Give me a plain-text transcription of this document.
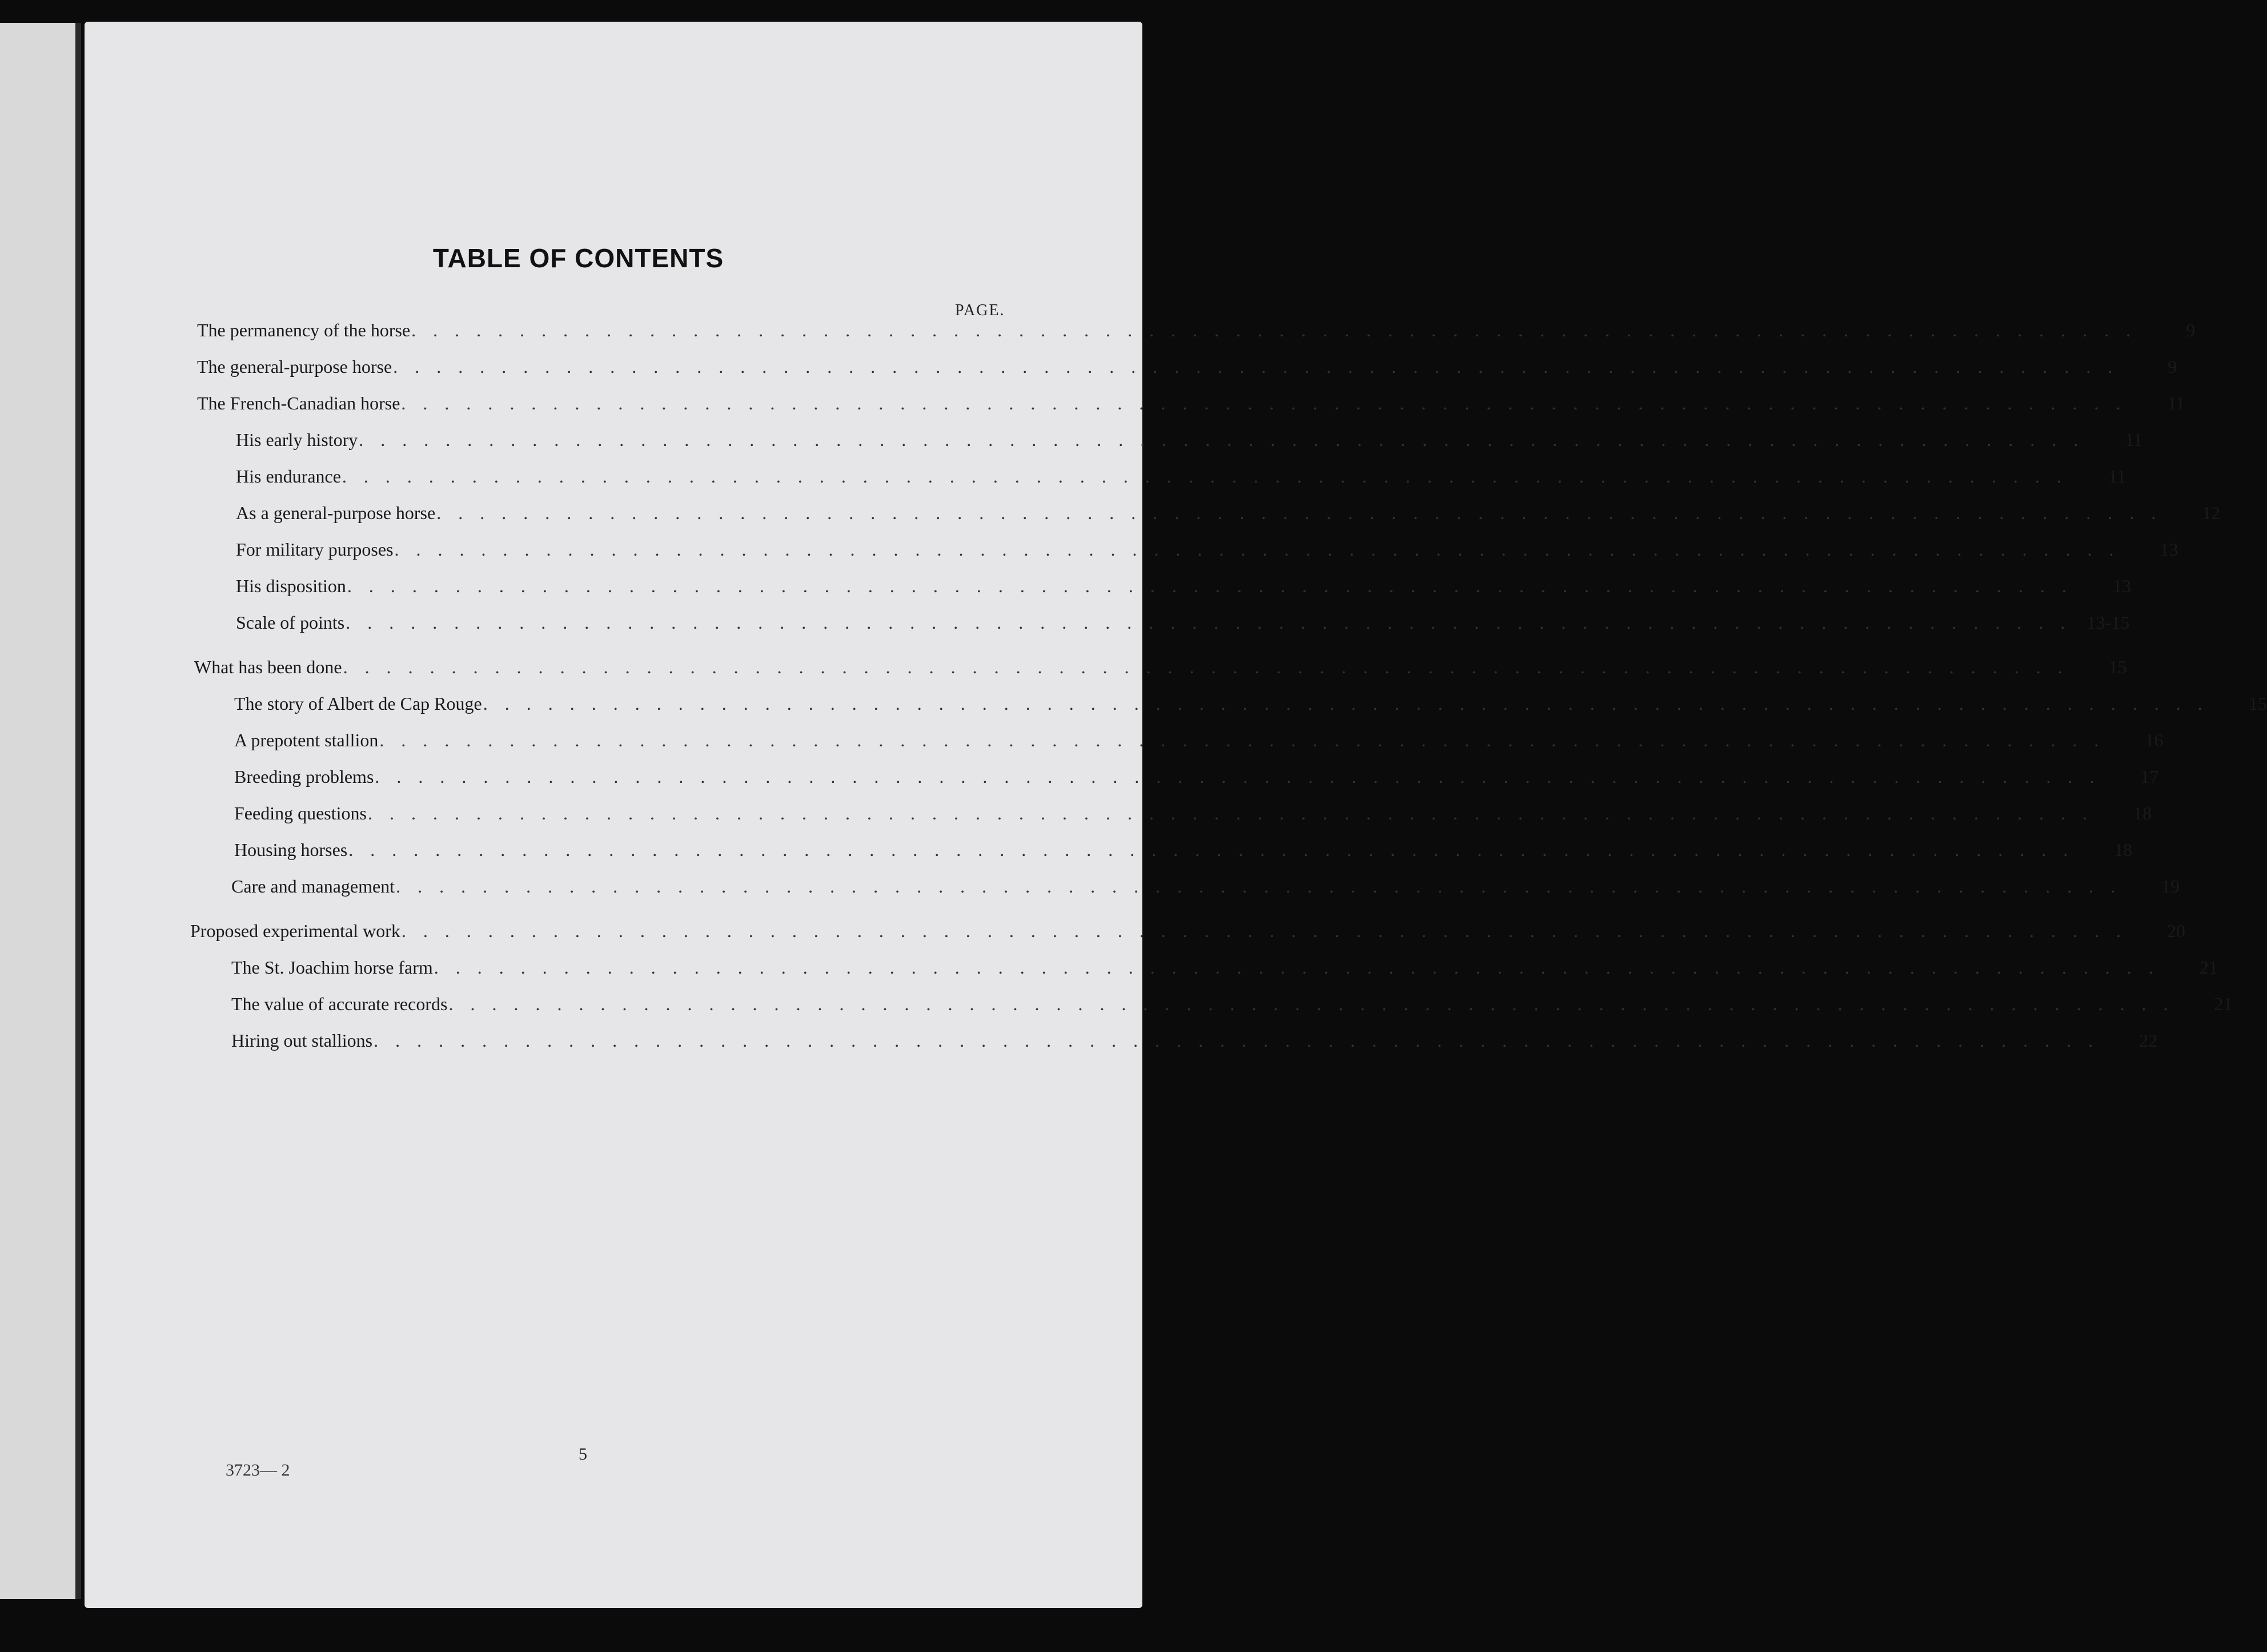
TABLE OF CONTENTS
PAGE.
The permanency of the horse . . .	9
The general-purpose horse . . .	9
The French-Canadian horse . . .	11
His early history . . .	11
His endurance . . .	11
As a general-purpose horse . . .	12
For military purposes . . .	13
His disposition . . .	13
Scale of points . . .	13-15
What has been done . . .	15
The story of Albert de Cap Rouge . . .	15
A prepotent stallion . . .	16
Breeding problems . . .	17
Feeding questions . . .	18
Housing horses . . .	18
Care and management . . .	19
Proposed experimental work . . .	20
The St. Joachim horse farm . . .	21
The value of accurate records . . .	21
Hiring out stallions . . .	22
5
3723— 2
